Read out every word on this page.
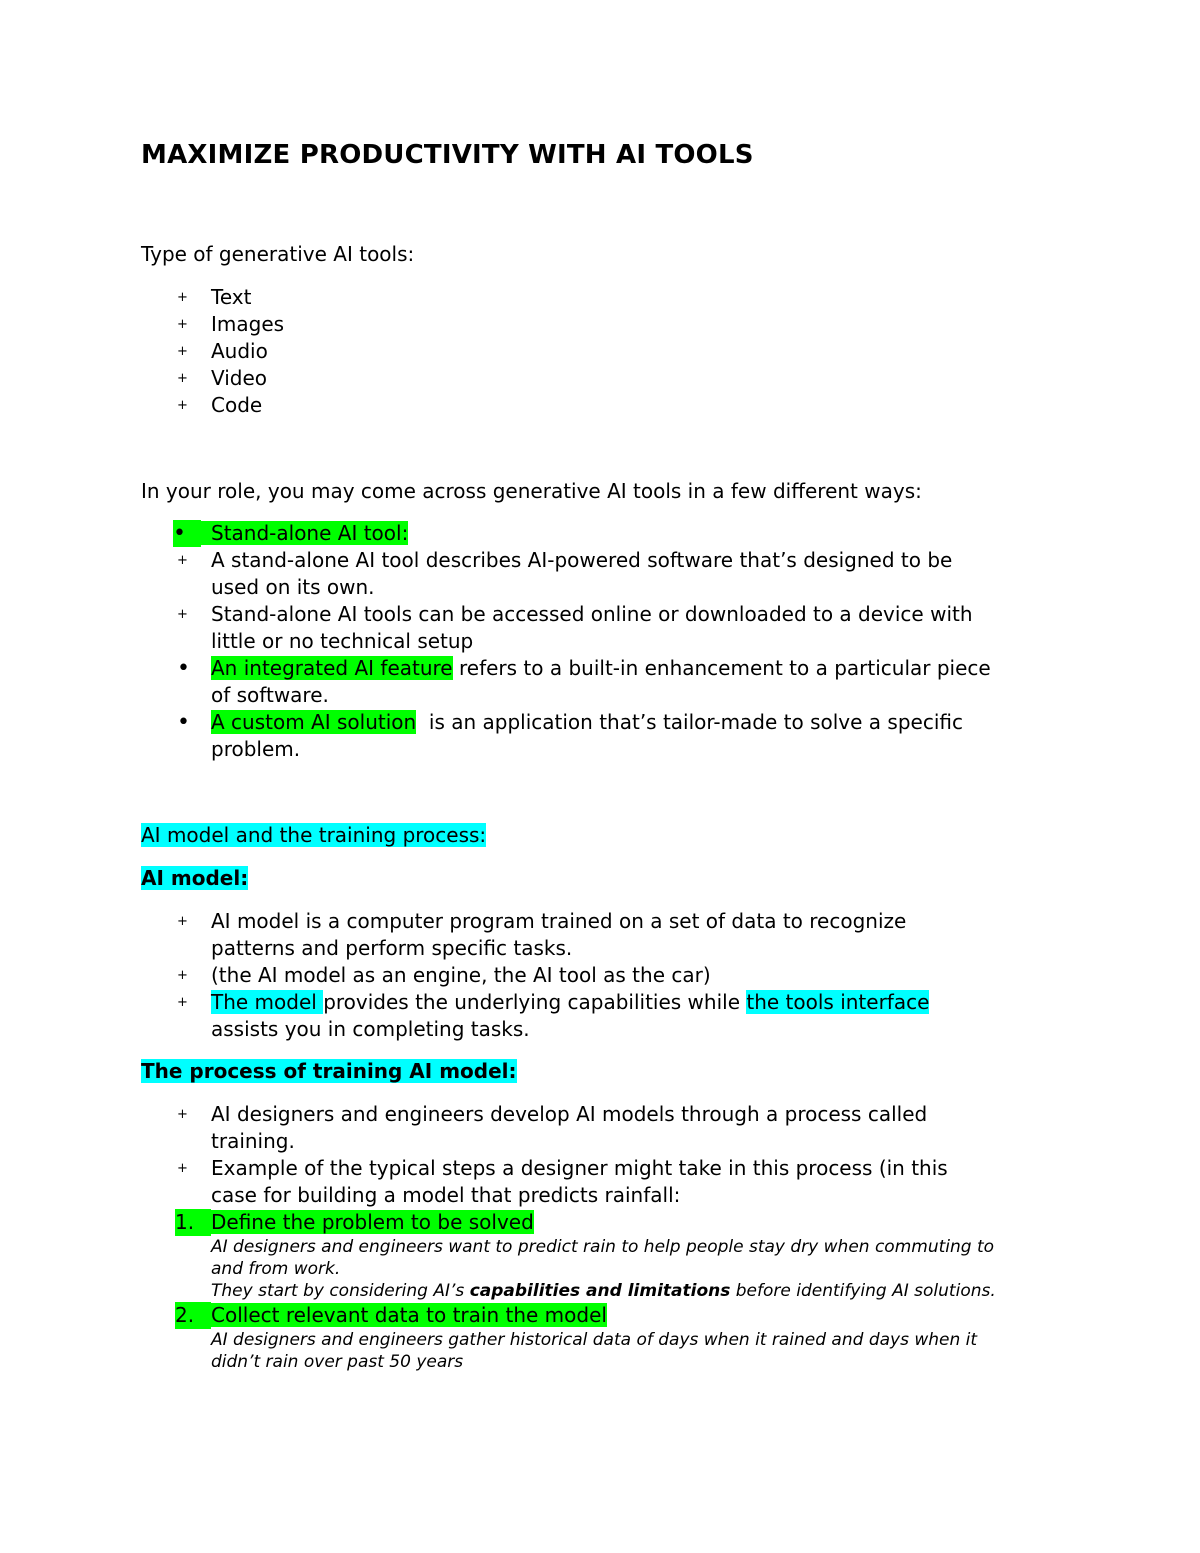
MAXIMIZE PRODUCTIVITY WITH AI TOOLS

Type of generative AI tools:

+	Text
+	Images
+	Audio
+	Video
+	Code

In your role, you may come across generative AI tools in a few different ways:

•	Stand-alone AI tool:
+	A stand-alone AI tool describes AI-powered software that’s designed to be
used on its own.
+	Stand-alone AI tools can be accessed online or downloaded to a device with
little or no technical setup
•	An integrated AI feature refers to a built-in enhancement to a particular piece
of software.
•	A custom AI solution  is an application that’s tailor-made to solve a specific
problem.

AI model and the training process:

AI model:

+	AI model is a computer program trained on a set of data to recognize
patterns and perform specific tasks.
+	(the AI model as an engine, the AI tool as the car)
+	The model provides the underlying capabilities while the tools interface
assists you in completing tasks.

The process of training AI model:

+	AI designers and engineers develop AI models through a process called
training.
+	Example of the typical steps a designer might take in this process (in this
case for building a model that predicts rainfall:
1. Define the problem to be solved
AI designers and engineers want to predict rain to help people stay dry when commuting to
and from work.
They start by considering AI’s capabilities and limitations before identifying AI solutions.
2. Collect relevant data to train the model
AI designers and engineers gather historical data of days when it rained and days when it
didn’t rain over past 50 years
